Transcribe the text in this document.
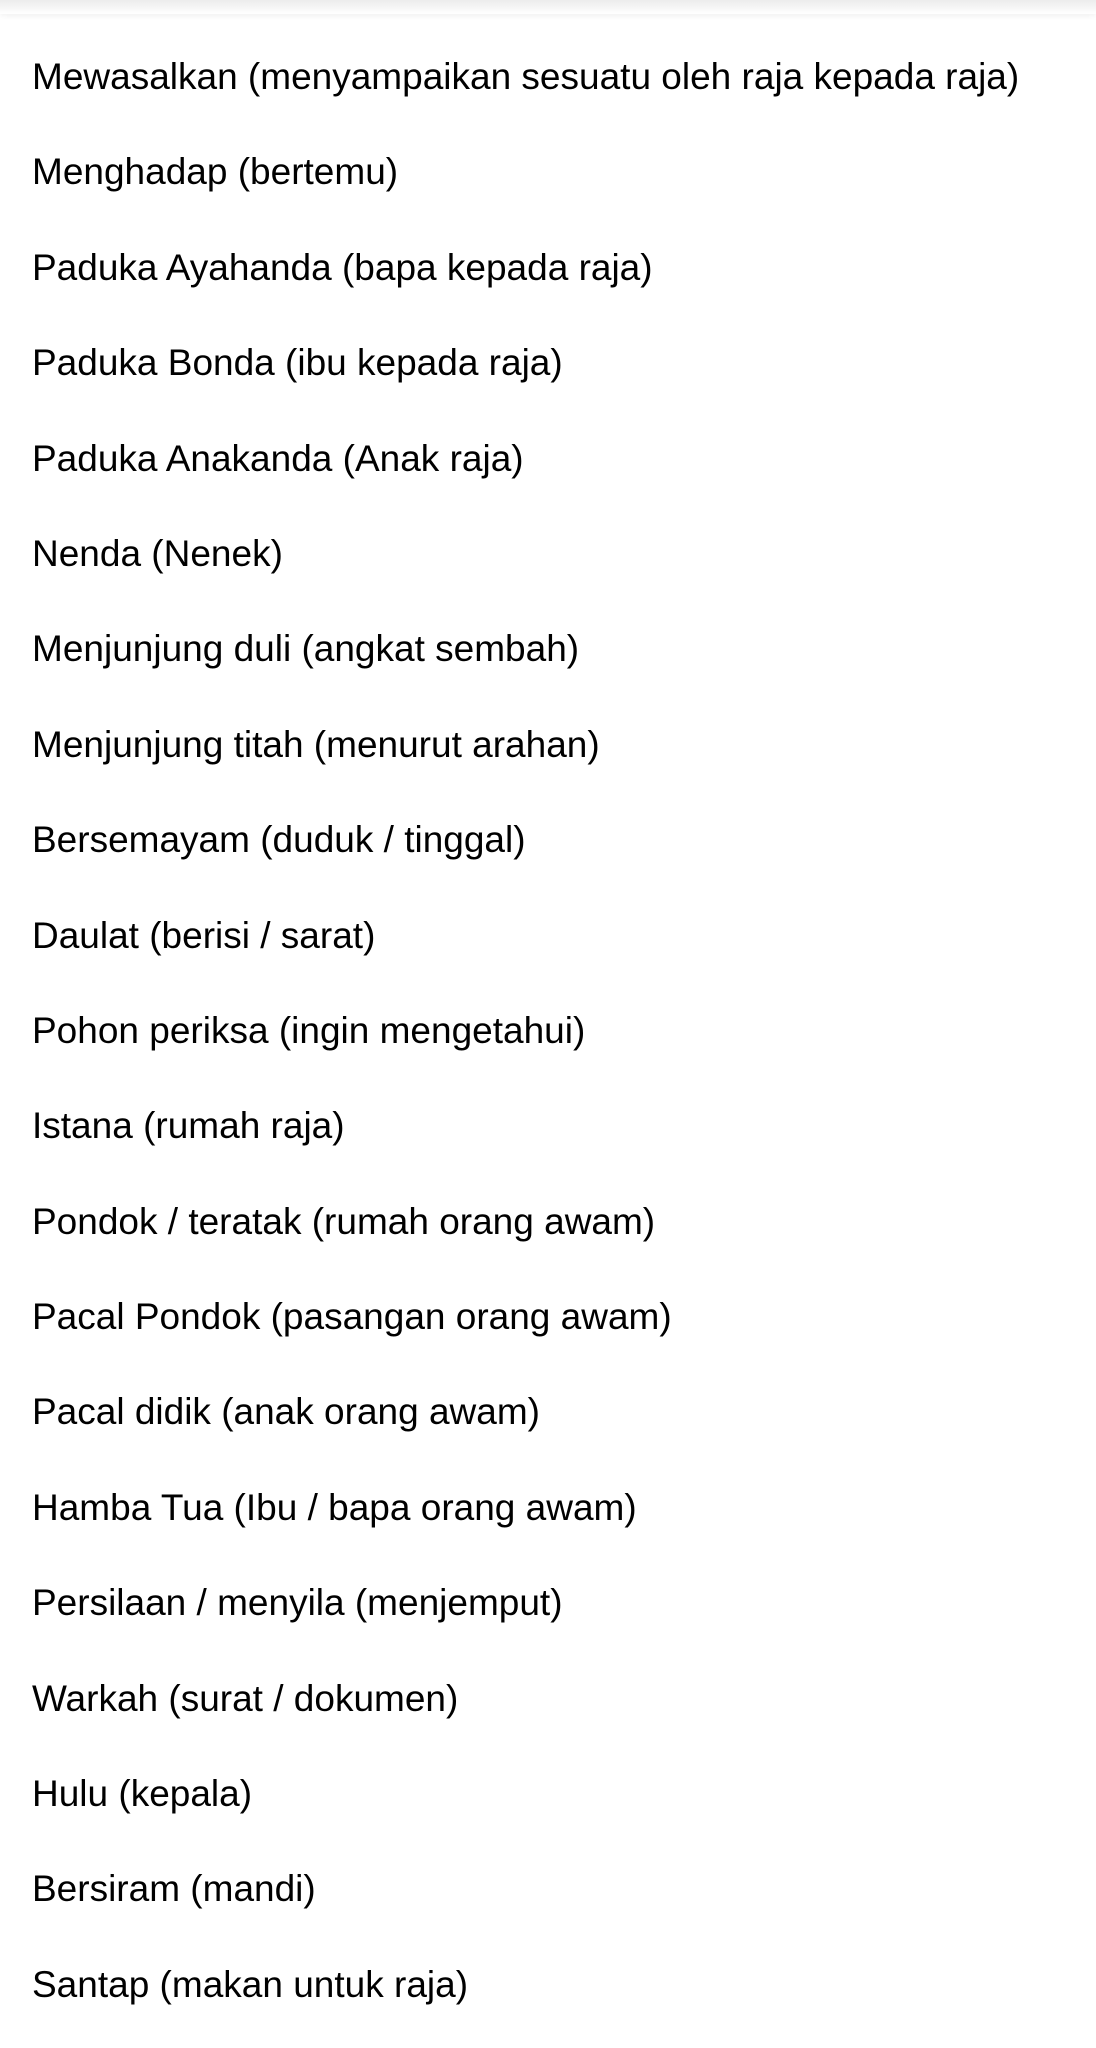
Mewasalkan (menyampaikan sesuatu oleh raja kepada raja)
Menghadap (bertemu)
Paduka Ayahanda (bapa kepada raja)
Paduka Bonda (ibu kepada raja)
Paduka Anakanda (Anak raja)
Nenda (Nenek)
Menjunjung duli (angkat sembah)
Menjunjung titah (menurut arahan)
Bersemayam (duduk / tinggal)
Daulat (berisi / sarat)
Pohon periksa (ingin mengetahui)
Istana (rumah raja)
Pondok / teratak (rumah orang awam)
Pacal Pondok (pasangan orang awam)
Pacal didik (anak orang awam)
Hamba Tua (Ibu / bapa orang awam)
Persilaan / menyila (menjemput)
Warkah (surat / dokumen)
Hulu (kepala)
Bersiram (mandi)
Santap (makan untuk raja)
